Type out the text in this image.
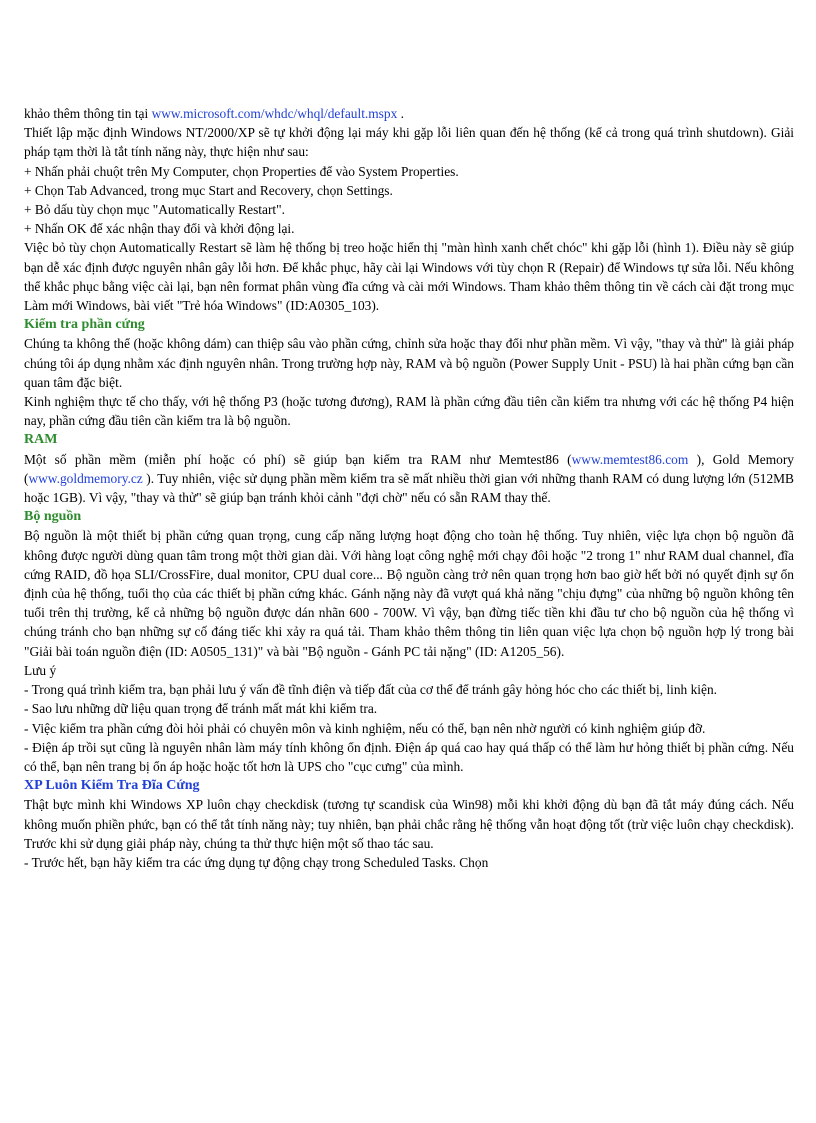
khảo thêm thông tin tại www.microsoft.com/whdc/whql/default.mspx .

Thiết lập mặc định Windows NT/2000/XP sẽ tự khởi động lại máy khi gặp lỗi liên quan đến hệ thống (kể cả trong quá trình shutdown). Giải pháp tạm thời là tắt tính năng này, thực hiện như sau:

+ Nhấn phải chuột trên My Computer, chọn Properties để vào System Properties.

+ Chọn Tab Advanced, trong mục Start and Recovery, chọn Settings.

+ Bỏ dấu tùy chọn mục "Automatically Restart".

+ Nhấn OK để xác nhận thay đổi và khởi động lại.

Việc bỏ tùy chọn Automatically Restart sẽ làm hệ thống bị treo hoặc hiển thị "màn hình xanh chết chóc" khi gặp lỗi (hình 1). Điều này sẽ giúp bạn dễ xác định được nguyên nhân gây lỗi hơn. Để khắc phục, hãy cài lại Windows với tùy chọn R (Repair) để Windows tự sửa lỗi. Nếu không thể khắc phục bằng việc cài lại, bạn nên format phân vùng đĩa cứng và cài mới Windows. Tham khảo thêm thông tin về cách cài đặt trong mục Làm mới Windows, bài viết "Trẻ hóa Windows" (ID:A0305_103).

Kiểm tra phần cứng

Chúng ta không thể (hoặc không dám) can thiệp sâu vào phần cứng, chỉnh sửa hoặc thay đổi như phần mềm. Vì vậy, "thay và thử" là giải pháp chúng tôi áp dụng nhằm xác định nguyên nhân. Trong trường hợp này, RAM và bộ nguồn (Power Supply Unit - PSU) là hai phần cứng bạn cần quan tâm đặc biệt.

Kinh nghiệm thực tế cho thấy, với hệ thống P3 (hoặc tương đương), RAM là phần cứng đầu tiên cần kiểm tra nhưng với các hệ thống P4 hiện nay, phần cứng đầu tiên cần kiểm tra là bộ nguồn.

RAM

Một số phần mềm (miễn phí hoặc có phí) sẽ giúp bạn kiểm tra RAM như Memtest86 (www.memtest86.com ), Gold Memory (www.goldmemory.cz ). Tuy nhiên, việc sử dụng phần mềm kiểm tra sẽ mất nhiều thời gian với những thanh RAM có dung lượng lớn (512MB hoặc 1GB). Vì vậy, "thay và thử" sẽ giúp bạn tránh khỏi cảnh "đợi chờ" nếu có sẵn RAM thay thế.

Bộ nguồn

Bộ nguồn là một thiết bị phần cứng quan trọng, cung cấp năng lượng hoạt động cho toàn hệ thống. Tuy nhiên, việc lựa chọn bộ nguồn đã không được người dùng quan tâm trong một thời gian dài. Với hàng loạt công nghệ mới chạy đôi hoặc "2 trong 1" như RAM dual channel, đĩa cứng RAID, đồ họa SLI/CrossFire, dual monitor, CPU dual core... Bộ nguồn càng trở nên quan trọng hơn bao giờ hết bởi nó quyết định sự ổn định của hệ thống, tuổi thọ của các thiết bị phần cứng khác. Gánh nặng này đã vượt quá khả năng "chịu đựng" của những bộ nguồn không tên tuổi trên thị trường, kể cả những bộ nguồn được dán nhãn 600 - 700W. Vì vậy, bạn đừng tiếc tiền khi đầu tư cho bộ nguồn của hệ thống vì chúng tránh cho bạn những sự cố đáng tiếc khi xảy ra quá tải. Tham khảo thêm thông tin liên quan việc lựa chọn bộ nguồn hợp lý trong bài "Giải bài toán nguồn điện (ID: A0505_131)" và bài "Bộ nguồn - Gánh PC tải nặng" (ID: A1205_56).

Lưu ý

- Trong quá trình kiểm tra, bạn phải lưu ý vấn đề tĩnh điện và tiếp đất của cơ thể để tránh gây hỏng hóc cho các thiết bị, linh kiện.

- Sao lưu những dữ liệu quan trọng để tránh mất mát khi kiểm tra.

- Việc kiểm tra phần cứng đòi hỏi phải có chuyên môn và kinh nghiệm, nếu có thể, bạn nên nhờ người có kinh nghiệm giúp đỡ.

- Điện áp trồi sụt cũng là nguyên nhân làm máy tính không ổn định. Điện áp quá cao hay quá thấp có thể làm hư hỏng thiết bị phần cứng. Nếu có thể, bạn nên trang bị ổn áp hoặc hoặc tốt hơn là UPS cho "cục cưng" của mình.

XP Luôn Kiểm Tra Đĩa Cứng

Thật bực mình khi Windows XP luôn chạy checkdisk (tương tự scandisk của Win98) mỗi khi khởi động dù bạn đã tắt máy đúng cách. Nếu không muốn phiền phức, bạn có thể tắt tính năng này; tuy nhiên, bạn phải chắc rằng hệ thống vẫn hoạt động tốt (trừ việc luôn chạy checkdisk). Trước khi sử dụng giải pháp này, chúng ta thử thực hiện một số thao tác sau.

- Trước hết, bạn hãy kiểm tra các ứng dụng tự động chạy trong Scheduled Tasks. Chọn
